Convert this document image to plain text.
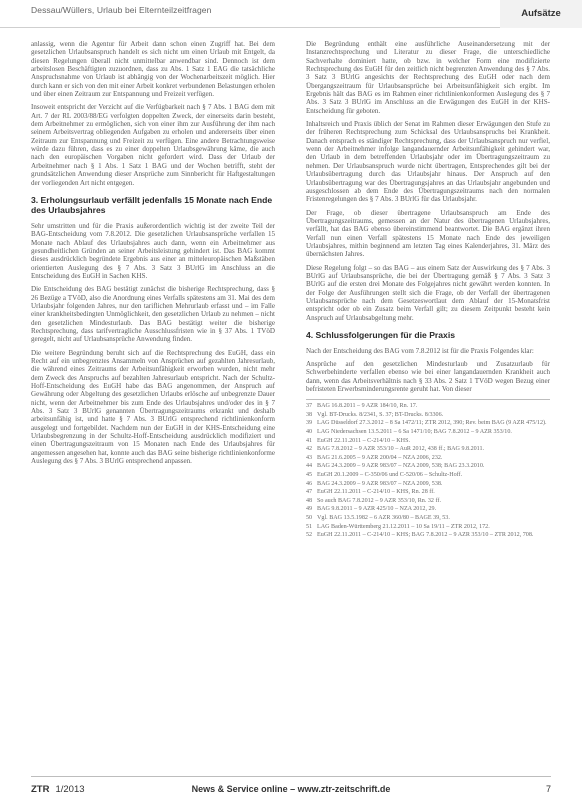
Dessau/Wüllers, Urlaub bei Elternteilzeitfragen	Aufsätze

anlassig, wenn die Agentur für Arbeit dann schon einen Zugriff hat. Bei dem gesetzlichen Urlaubsanspruch handelt es sich nicht um einen Urlaub mit Entgelt, da diesen Regelungen überall nicht unmittelbar anwendbar sind. Dennoch ist dem arbeitslosen Beschäftigten zuzuordnen, dass zu Abs. 1 Satz 1 EAG die tatsächliche Anspruchsnahme von Urlaub ist abhängig von der Wochenarbeitszeit möglich. Hier durch kann er sich von den mit einer Arbeit konkret verbundenen Belastungen erholen und über einen Zeitraum zur Entspannung und Freizeit verfügen.

Insoweit entspricht der Verzicht auf die Verfügbarkeit nach § 7 Abs. 1 BAG dem mit Art. 7 der RL 2003/88/EG verfolgten doppelten Zweck, der einerseits darin besteht, dem Arbeitnehmer zu ermöglichen, sich von einer ihm zur Ausführung der ihm nach seinem Arbeitsvertrag obliegenden Aufgaben zu erholen und andererseits über einen Zeitraum zur Entspannung und Freizeit zu verfügen. Eine andere Betrachtungsweise würde dazu führen, dass es zu einer doppelten Urlaubsgewährung käme, die auch nach den europäischen Vorgaben nicht gefordert wird. Dass der Urlaub der Arbeitnehmer nach § 1 Abs. 1 Satz 1 BAG und der Wochen betrifft, steht der grundsätzlichen Anwendung dieser Ansprüche zum Sinnbericht für Haftgestaltungen der vorliegenden Art nicht entgegen.

3. Erholungsurlaub verfällt jedenfalls 15 Monate nach Ende des Urlaubsjahres

Sehr umstritten und für die Praxis außerordentlich wichtig ist der zweite Teil der BAG-Entscheidung vom 7.8.2012. Die gesetzlichen Urlaubsansprüche verfallen 15 Monate nach Ablauf des Urlaubsjahres auch dann, wenn ein Arbeitnehmer aus gesundheitlichen Gründen an seiner Arbeitsleistung gehindert ist. Das BAG kommt dieses ausdrücklich begründete Ergebnis aus einer an mitteleuropäischen Maßstäben orientierten Auslegung des § 7 Abs. 3 Satz 3 BUrlG im Anschluss an die Entscheidung des EuGH in Sachen KHS.

Die Entscheidung des BAG bestätigt zunächst die bisherige Rechtsprechung, dass § 26 Bezüge a TVöD, also die Anordnung eines Verfalls spätestens am 31. Mai des dem Urlaubsjahr folgenden Jahres, nur den tariflichen Mehrurlaub erfasst und – im Falle einer krankheitsbedingten Unmöglichkeit, den gesetzlichen Urlaub zu nehmen – nicht den gesetzlichen Mindesturlaub. Das BAG bestätigt weiter die bisherige Rechtsprechung, dass tarifvertragliche Ausschlussfristen wie in § 37 Abs. 1 TVöD geregelt, nicht auf Urlaubsansprüche Anwendung finden.

Die weitere Begründung beruht sich auf die Rechtsprechung des EuGH, dass ein Recht auf ein unbegrenztes Ansammeln von Ansprüchen auf gezahlten Jahresurlaub, die während eines Zeitraums der Arbeitsunfähigkeit erworben wurden, nicht mehr dem Zweck des Anspruchs auf bezahlten Jahresurlaub entspricht. Nach der Schultz-Hoff-Entscheidung des EuGH habe das BAG angenommen, der Anspruch auf Gewährung oder Abgeltung des gesetzlichen Urlaubs erlösche auf unbegrenzte Dauer nicht, wenn der Arbeitnehmer bis zum Ende des Urlaubsjahres und/oder des in § 7 Abs. 3 Satz 3 BUrlG genannten Übertragungszeitraums erkrankt und deshalb arbeitsunfähig ist, und hatte § 7 Abs. 3 BUrlG entsprechend richtlinienkonform ausgelegt und fortgebildet. Nachdem nun der EuGH in der KHS-Entscheidung eine Urlaubsbegrenzung in der Schultz-Hoff-Entscheidung ausdrücklich modifiziert und einen Übertragungszeitraum von 15 Monaten nach Ende des Urlaubsjahres für angemessen angesehen hat, konnte auch das BAG seine bisherige richtlinienkonforme Auslegung des § 7 Abs. 3 BUrlG entsprechend anpassen.

Die Begründung enthält eine ausführliche Auseinandersetzung mit der Instanzrechtsprechung und Literatur zu dieser Frage, die unterschiedliche Sachverhalte dominiert hatte, ob bzw. in welcher Form eine modifizierte Rechtsprechung des EuGH für den zeitlich nicht begrenzten Anwendung des § 7 Abs. 3 Satz 3 BUrlG angesichts der Rechtsprechung des EuGH oder nach dem Übergangszeitraum für Urlaubsansprüche bei Arbeitsunfähigkeit sich ergibt. Im Ergebnis hält das BAG es im Rahmen einer richtlinienkonformen Auslegung des § 7 Abs. 3 Satz 3 BUrlG im Anschluss an die Erwägungen des EuGH in der KHS-Entscheidung für geboten.

Inhaltsreich und Praxis üblich der Senat im Rahmen dieser Erwägungen den Stufe zu der früheren Rechtsprechung zum Schicksal des Urlaubsanspruchs bei Krankheit. Danach entsprach es ständiger Rechtsprechung, dass der Urlaubsanspruch nur verfiel, wenn der Arbeitnehmer infolge langandauernder Arbeitsunfähigkeit gehindert war, den Urlaub in dem betreffenden Urlaubsjahr oder im Übertragungszeitraum zu nehmen. Der Urlaubsanspruch wurde nicht übertragen, Entsprechendes gilt bei der Urlaubsübertragung durch das Urlaubsjahr hinaus. Der Anspruch auf den Urlaubsübertragung war des Übertragungsjahres an das Urlaubsjahr angebunden und ausgeschlossen ab dem Ende des Übertragungszeitraums nach den normalen Fristenregelungen des § 7 Abs. 3 BUrlG für das Urlaubsjahr.

Der Frage, ob dieser übertragene Urlaubsanspruch am Ende des Übertragungszeitraums, gemessen an der Natur des übertragenen Urlaubsjahres, verfällt, hat das BAG ebenso übereinstimmend beantwortet. Die BAG ergänzt ihren Verfall nun einen Verfall spätestens 15 Monate nach Ende des jeweiligen Urlaubsjahres, mithin beginnend am letzten Tag eines Kalenderjahres, 31. März des übernächsten Jahres.

Diese Regelung folgt – so das BAG – aus einem Satz der Auswirkung des § 7 Abs. 3 BUrlG auf Urlaubsansprüche, die bei der Übertragung gemäß § 7 Abs. 3 Satz 3 BUrlG auf die ersten drei Monate des Folgejahres nicht gewährt werden konnten. In der Folge der Ausführungen stellt sich die Frage, ob der Verfall der übertragenen Urlaubsansprüche nach dem Gesetzeswortlaut dem Ablauf der 15-Monatsfrist entspricht oder ob ein Zusatz beim Verfall gilt; zu diesem Zeitpunkt besteht kein Anspruch auf Urlaubsabgeltung mehr.

4. Schlussfolgerungen für die Praxis

Nach der Entscheidung des BAG vom 7.8.2012 ist für die Praxis Folgendes klar:

Ansprüche auf den gesetzlichen Mindesturlaub und Zusatzurlaub für Schwerbehinderte verfallen ebenso wie bei einer langandauernden Krankheit auch dann, wenn das Arbeitsverhältnis nach § 33 Abs. 2 Satz 1 TVöD wegen Bezug einer befristeten Erwerbsminderungsrente geruht hat. Von dieser

37 BAG 16.8.2011 – 9 AZR 184/10, Rn. 17.
38 Vgl. BT-Drucks. 8/2341, S. 37; BT-Drucks. 8/3306.
39 LAG Düsseldorf 27.3.2012 – 8 Sa 1472/11; ZTR 2012, 390; Rev. beim BAG (9 AZR 475/12).
40 LAG Niedersachsen 13.5.2011 – 6 Sa 1471/10; BAG 7.8.2012 – 9 AZR 353/10.
41 EuGH 22.11.2011 – C-214/10 – KHS.
42 BAG 7.8.2012 – 9 AZR 353/10 – AuR 2012, 438 ff.; BAG 9.8.2011.
43 BAG 21.6.2005 – 9 AZR 200/04 – NZA 2006, 232.
44 BAG 24.3.2009 – 9 AZR 983/07 – NZA 2009, 538; BAG 23.3.2010.
45 EuGH 20.1.2009 – C-350/06 und C-520/06 – Schultz-Hoff.
46 BAG 24.3.2009 – 9 AZR 983/07 – NZA 2009, 538.
47 EuGH 22.11.2011 – C-214/10 – KHS, Rn. 28 ff.
48 So auch BAG 7.8.2012 – 9 AZR 353/10, Rn. 32 ff.
49 BAG 9.8.2011 – 9 AZR 425/10 – NZA 2012, 29.
50 Vgl. BAG 13.5.1982 – 6 AZR 360/80 – BAGE 39, 53.
51 LAG Baden-Württemberg 21.12.2011 – 10 Sa 19/11 – ZTR 2012, 172.
52 EuGH 22.11.2011 – C-214/10 – KHS; BAG 7.8.2012 – 9 AZR 353/10 – ZTR 2012, 708.
ZTR 1/2013	News & Service online – www.ztr-zeitschrift.de	7
